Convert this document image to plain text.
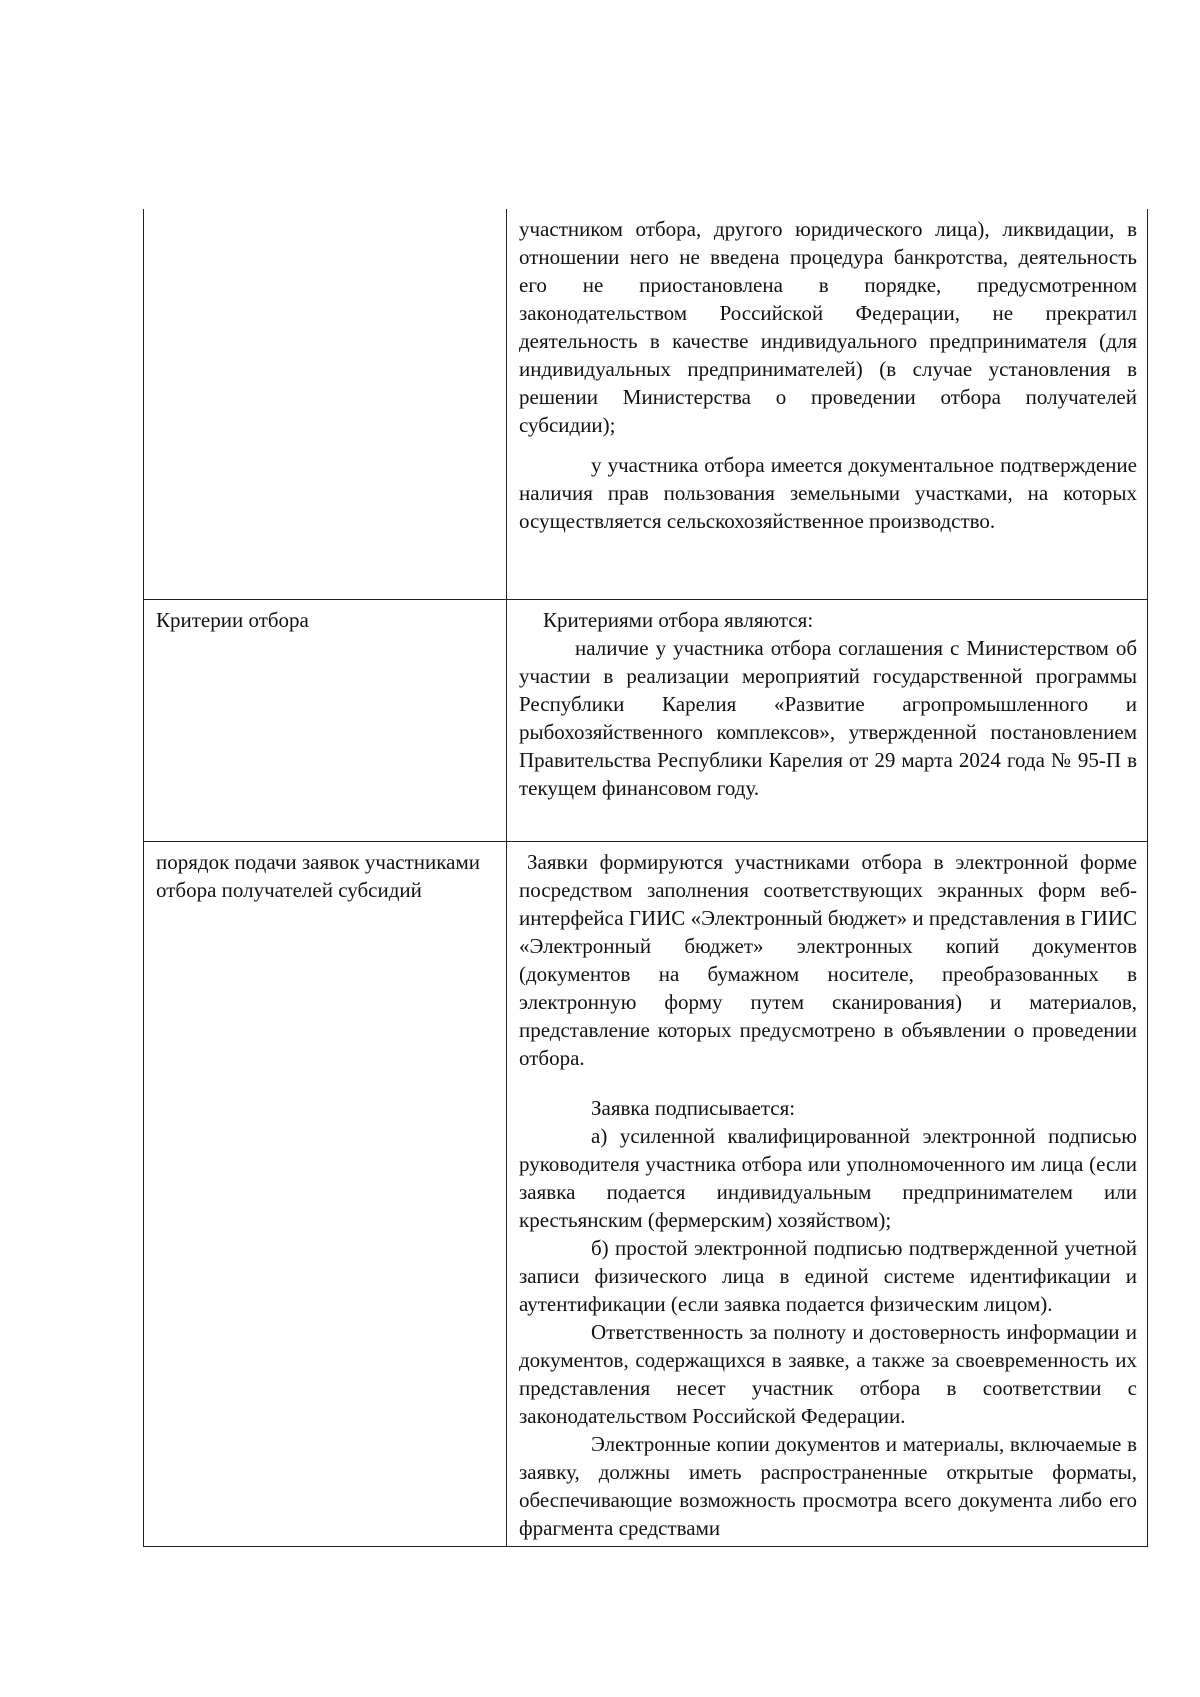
участником отбора, другого юридического лица), ликвидации, в отношении него не введена процедура банкротства, деятельность его не приостановлена в порядке, предусмотренном законодательством Российской Федерации, не прекратил деятельность в качестве индивидуального предпринимателя (для индивидуальных предпринимателей) (в случае установления в решении Министерства о проведении отбора получателей субсидии);

у участника отбора имеется документальное подтверждение наличия прав пользования земельными участками, на которых осуществляется сельскохозяйственное производство.

Критерии отбора	Критериями отбора являются:

наличие у участника отбора соглашения с Министерством об участии в реализации мероприятий государственной программы Республики Карелия «Развитие агропромышленного и рыбохозяйственного комплексов», утвержденной постановлением Правительства Республики Карелия от 29 марта 2024 года № 95-П в текущем финансовом году.

порядок подачи заявок участниками отбора получателей субсидий

Заявки формируются участниками отбора в электронной форме посредством заполнения соответствующих экранных форм веб-интерфейса ГИИС «Электронный бюджет» и представления в ГИИС «Электронный бюджет» электронных копий документов (документов на бумажном носителе, преобразованных в электронную форму путем сканирования) и материалов, представление которых предусмотрено в объявлении о проведении отбора.

Заявка подписывается:

а) усиленной квалифицированной электронной подписью руководителя участника отбора или уполномоченного им лица (если заявка подается индивидуальным предпринимателем или крестьянским (фермерским) хозяйством);

б) простой электронной подписью подтвержденной учетной записи физического лица в единой системе идентификации и аутентификации (если заявка подается физическим лицом).

Ответственность за полноту и достоверность информации и документов, содержащихся в заявке, а также за своевременность их представления несет участник отбора в соответствии с законодательством Российской Федерации.

Электронные копии документов и материалы, включаемые в заявку, должны иметь распространенные открытые форматы, обеспечивающие возможность просмотра всего документа либо его фрагмента средствами
